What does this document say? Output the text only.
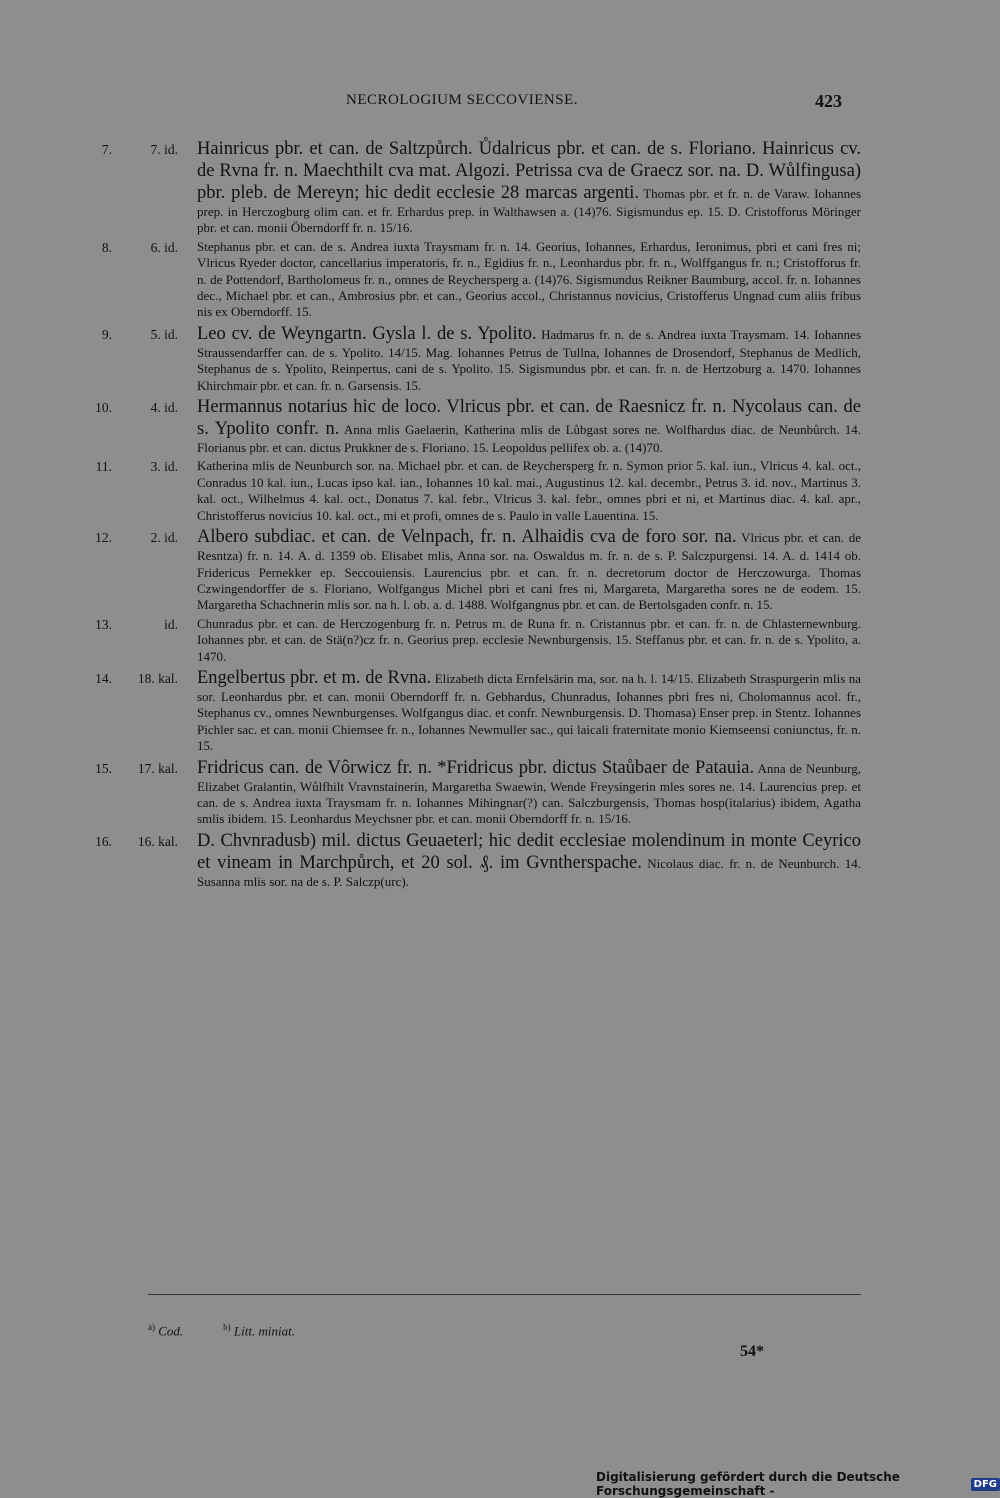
NECROLOGIUM SECCOVIENSE.	423
7.	7. id. Hainricus pbr. et can. de Saltzpůrch. Ůdalricus pbr. et can. de s. Floriano. Hainricus cv. de Rvna fr. n. Maechthilt cva mat. Algozi. Petrissa cva de Graecz sor. na. D. Wůlfingusa) pbr. pleb. de Mereyn; hic dedit ecclesie 28 marcas argenti. Thomas pbr. et fr. n. de Varaw. Iohannes prep. in Herczogburg olim can. et fr. Erhardus prep. in Walthawsen a. (14)76. Sigismundus ep. 15. D. Cristofforus Möringer pbr. et can. monii Öberndorff fr. n. 15/16.
8.	6. id. Stephanus pbr. et can. de s. Andrea iuxta Traysmam fr. n. 14. Georius, Iohannes, Erhardus, Ieronimus, pbri et cani fres ni; Vlricus Ryeder doctor, cancellarius imperatoris, fr. n., Egidius fr. n., Leonhardus pbr. fr. n., Wolffgangus fr. n.; Cristofforus fr. n. de Pottendorf, Bartholomeus fr. n., omnes de Reychersperg a. (14)76. Sigismundus Reikner Baumburg, accol. fr. n. Iohannes dec., Michael pbr. et can., Ambrosius pbr. et can., Georius accol., Christannus novicius, Cristofferus Ungnad cum aliis fribus nis ex Oberndorff. 15.
9.	5. id. Leo cv. de Weyngartn. Gysla l. de s. Ypolito. Hadmarus fr. n. de s. Andrea iuxta Traysmam. 14. Iohannes Straussendarffer can. de s. Ypolito. 14/15. Mag. Iohannes Petrus de Tullna, Iohannes de Drosendorf, Stephanus de Medlich, Stephanus de s. Ypolito, Reinpertus, cani de s. Ypolito. 15. Sigismundus pbr. et can. fr. n. de Hertzoburg a. 1470. Iohannes Khirchmair pbr. et can. fr. n. Garsensis. 15.
10.	4. id. Hermannus notarius hic de loco. Vlricus pbr. et can. de Raesnicz fr. n. Nycolaus can. de s. Ypolito confr. n. Anna mlis Gaelaerin, Katherina mlis de Lůbgast sores ne. Wolfhardus diac. de Neunbůrch. 14. Florianus pbr. et can. dictus Prukkner de s. Floriano. 15. Leopoldus pellifex ob. a. (14)70.
11.	3. id. Katherina mlis de Neunburch sor. na. Michael pbr. et can. de Reychersperg fr. n. Symon prior 5. kal. iun., Vlricus 4. kal. oct., Conradus 10 kal. iun., Lucas ipso kal. ian., Iohannes 10 kal. mai., Augustinus 12. kal. decembr., Petrus 3. id. nov., Martinus 3. kal. oct., Wilhelmus 4. kal. oct., Donatus 7. kal. febr., Vlricus 3. kal. febr., omnes pbri et ni, et Martinus diac. 4. kal. apr., Christofferus novicius 10. kal. oct., mi et profi, omnes de s. Paulo in valle Lauentina. 15.
12.	2. id. Albero subdiac. et can. de Velnpach, fr. n. Alhaidis cva de foro sor. na. Vlricus pbr. et can. de Resntza) fr. n. 14. A. d. 1359 ob. Elisabet mlis, Anna sor. na. Oswaldus m. fr. n. de s. P. Salczpurgensi. 14. A. d. 1414 ob. Fridericus Pernekker ep. Seccouiensis. Laurencius pbr. et can. fr. n. decretorum doctor de Herczowurga. Thomas Czwingendorffer de s. Floriano, Wolfgangus Michel pbri et cani fres ni, Margareta, Margaretha sores ne de eodem. 15. Margaretha Schachnerin mlis sor. na h. l. ob. a. d. 1488. Wolfgangnus pbr. et can. de Bertolsgaden confr. n. 15.
13.	id. Chunradus pbr. et can. de Herczogenburg fr. n. Petrus m. de Runa fr. n. Cristannus pbr. et can. fr. n. de Chlasternewnburg. Iohannes pbr. et can. de Stä(n?)cz fr. n. Georius prep. ecclesie Newnburgensis. 15. Steffanus pbr. et can. fr. n. de s. Ypolito, a. 1470.
14.	18. kal. Engelbertus pbr. et m. de Rvna. Elizabeth dicta Ernfelsärin ma, sor. na h. l. 14/15. Elizabeth Straspurgerin mlis na sor. Leonhardus pbr. et can. monii Oberndorff fr. n. Gebhardus, Chunradus, Iohannes pbri fres ni, Cholomannus acol. fr., Stephanus cv., omnes Newnburgenses. Wolfgangus diac. et confr. Newnburgensis. D. Thomasa) Enser prep. in Stentz. Iohannes Pichler sac. et can. monii Chiemsee fr. n., Iohannes Newmuller sac., qui laicali fraternitate monio Kiemseensi coniunctus, fr. n. 15.
15.	17. kal. Fridricus can. de Vôrwicz fr. n. *Fridricus pbr. dictus Staůbaer de Patauia. Anna de Neunburg, Elizabet Gralantin, Wůlfhilt Vravnstainerin, Margaretha Swaewin, Wende Freysingerin mles sores ne. 14. Laurencius prep. et can. de s. Andrea iuxta Traysmam fr. n. Iohannes Mihingnar(?) can. Salczburgensis, Thomas hosp(italarius) ibidem, Agatha smlis ibidem. 15. Leonhardus Meychsner pbr. et can. monii Oberndorff fr. n. 15/16.
16.	16. kal. D. Chvnradusb) mil. dictus Geuaeterl; hic dedit ecclesiae molendinum in monte Ceyrico et vineam in Marchpůrch, et 20 sol. ₰. im Gvntherspache. Nicolaus diac. fr. n. de Neunburch. 14. Susanna mlis sor. na de s. P. Salczp(urc).
$^{a)}$ Cod.	$^{b)}$ Litt. miniat.
54*
Digitalisierung gefördert durch die Deutsche Forschungsgemeinschaft -	DFG
